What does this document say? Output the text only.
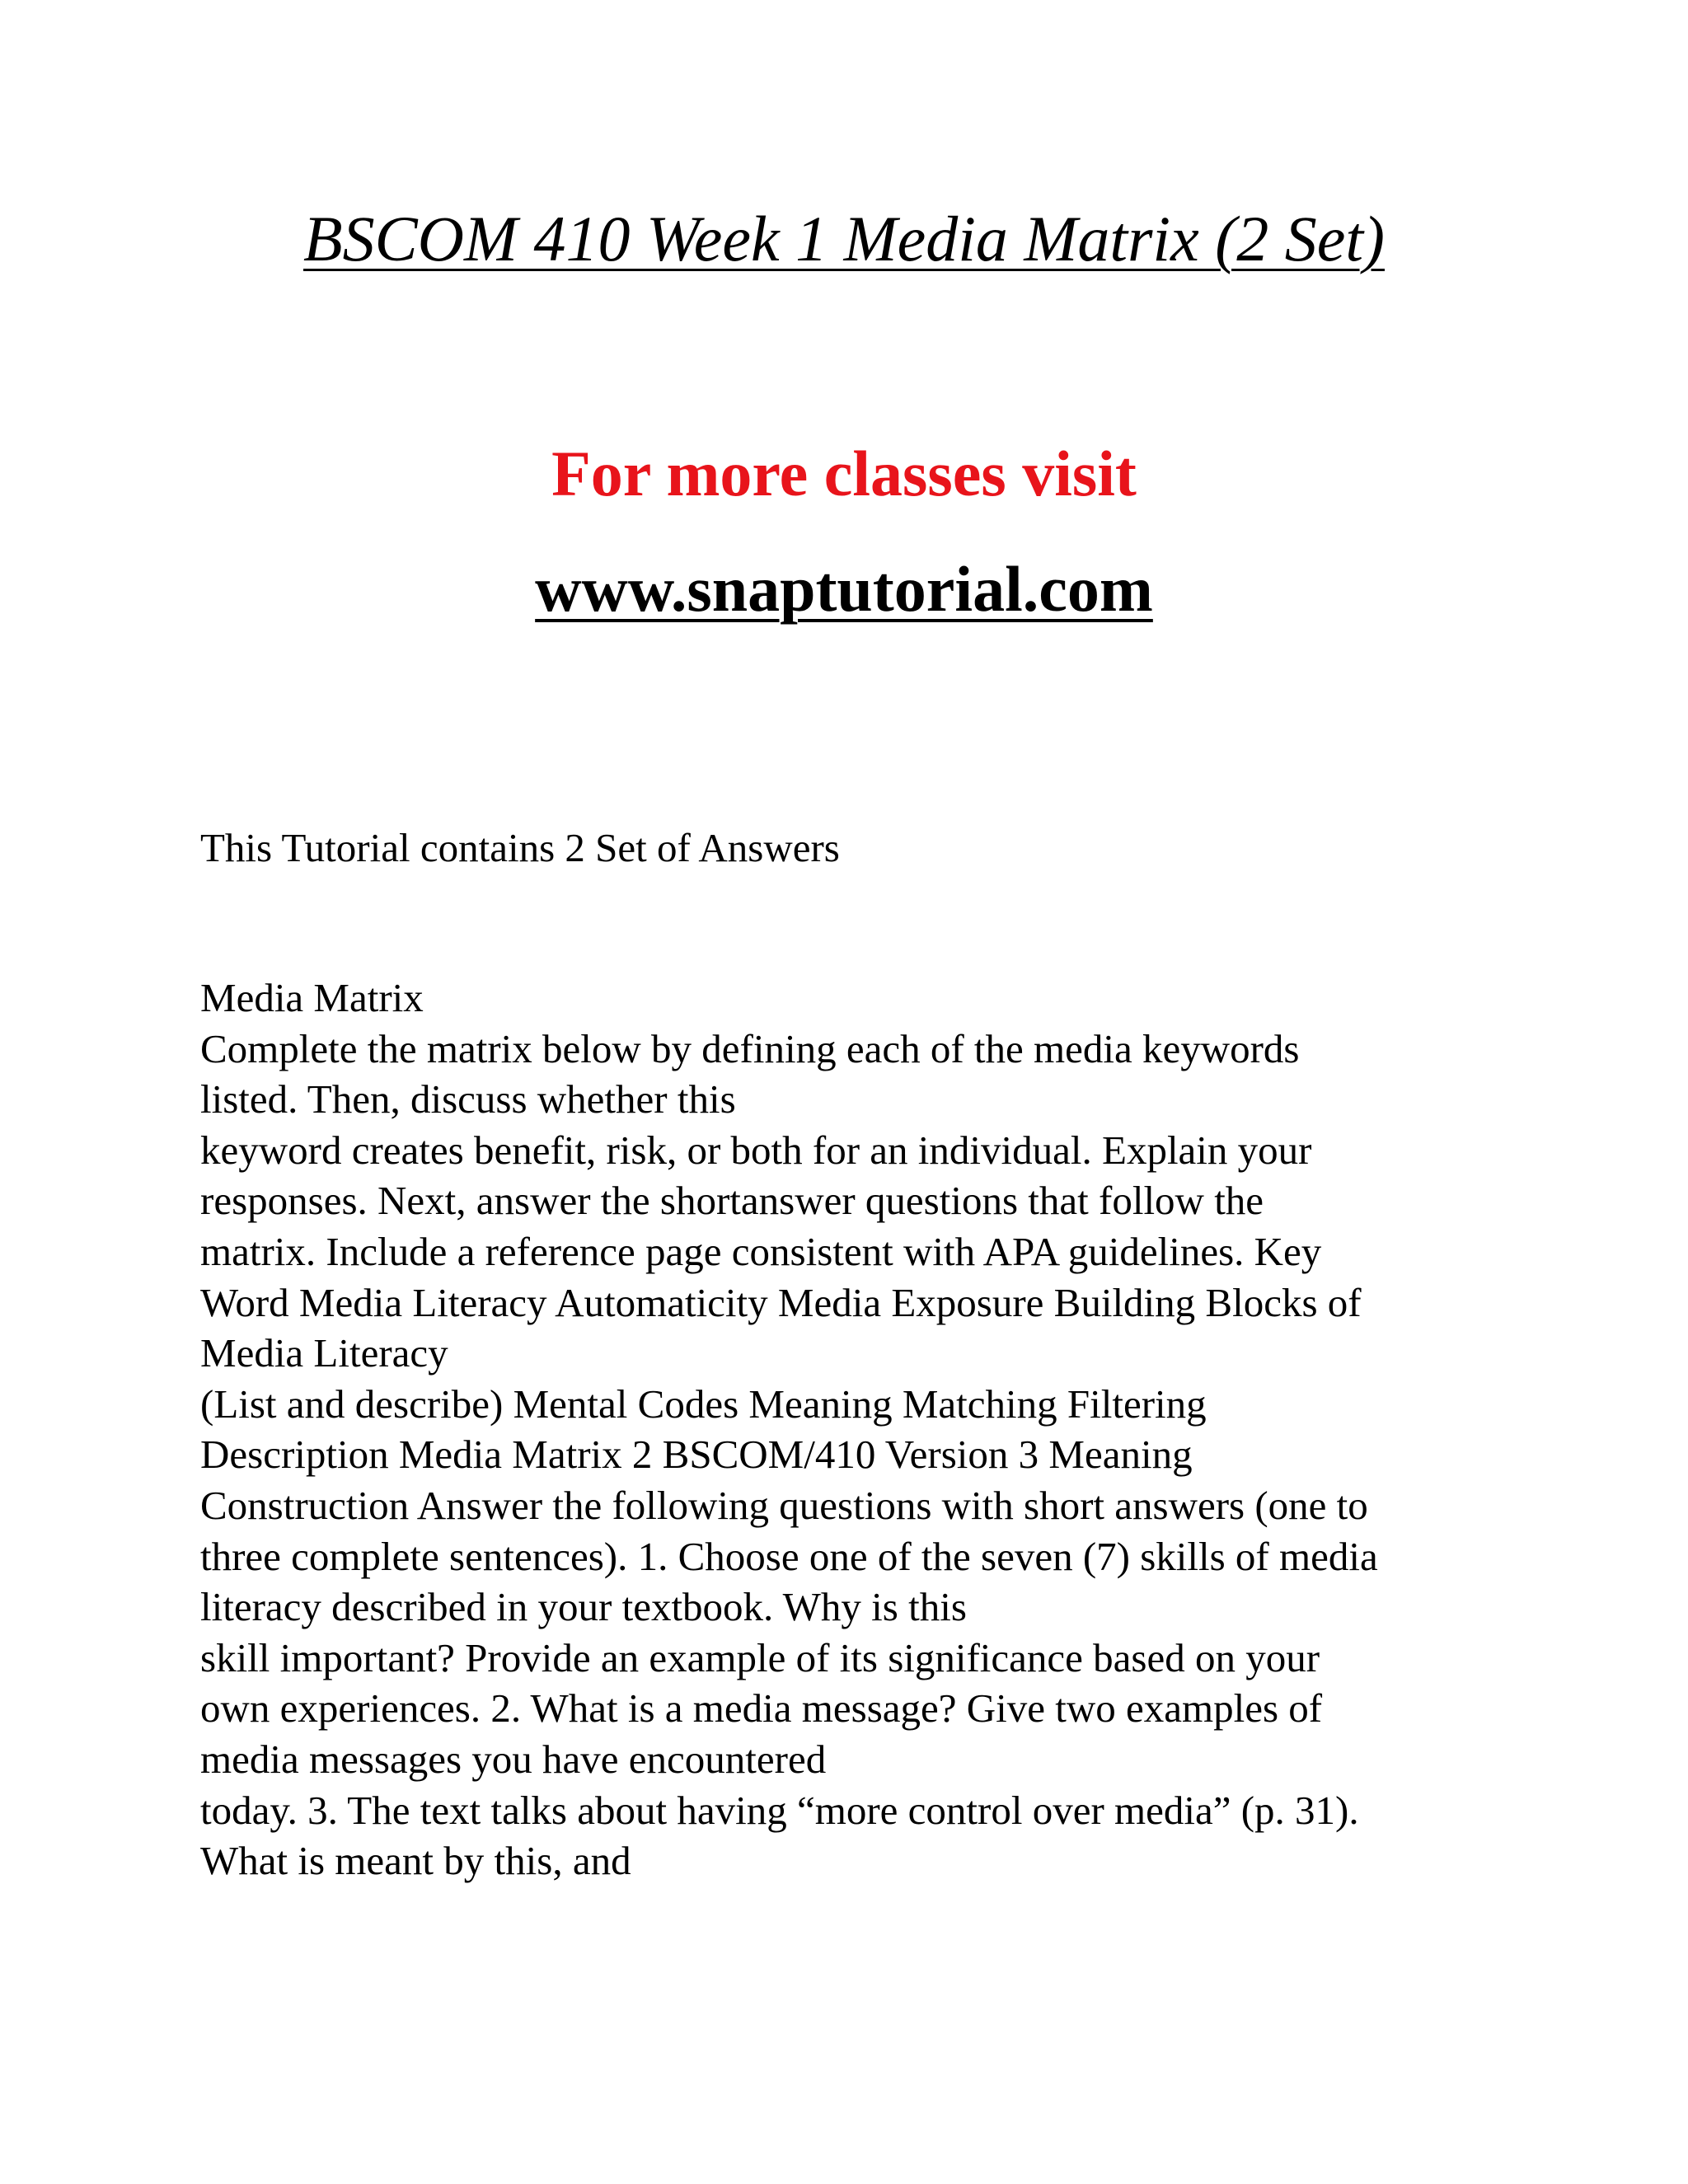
BSCOM 410 Week 1 Media Matrix (2 Set)

For more classes visit

www.snaptutorial.com

This Tutorial contains 2 Set of Answers

Media Matrix
Complete the matrix below by defining each of the media keywords
listed. Then, discuss whether this
keyword creates benefit, risk, or both for an individual. Explain your
responses. Next, answer the shortanswer questions that follow the
matrix. Include a reference page consistent with APA guidelines. Key
Word Media Literacy Automaticity Media Exposure Building Blocks of
Media Literacy
(List and describe) Mental Codes Meaning Matching Filtering
Description Media Matrix 2 BSCOM/410 Version 3 Meaning
Construction Answer the following questions with short answers (one to
three complete sentences). 1. Choose one of the seven (7) skills of media
literacy described in your textbook. Why is this
skill important? Provide an example of its significance based on your
own experiences. 2. What is a media message? Give two examples of
media messages you have encountered
today. 3. The text talks about having “more control over media” (p. 31).
What is meant by this, and
